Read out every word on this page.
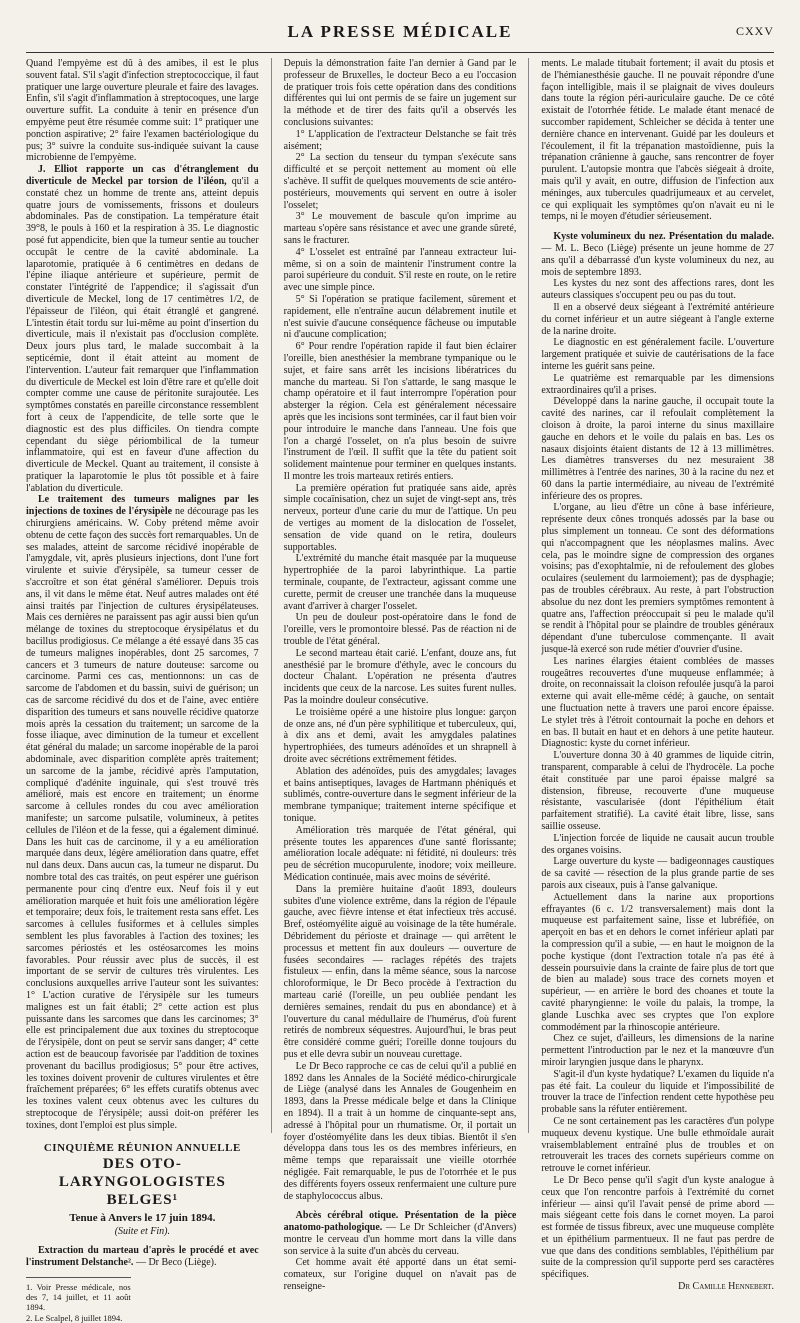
LA PRESSE MÉDICALE	CXXV

Quand l'empyème est dû à des amibes, il est le plus souvent fatal. S'il s'agit d'infection streptococcique, il faut pratiquer une large ouverture pleurale et faire des lavages. Enfin, s'il s'agit d'inflammation à streptocoques, une large ouverture suffit. La conduite à tenir en présence d'un empyème peut être résumée comme suit: 1° pratiquer une ponction aspirative; 2° faire l'examen bactériologique du pus; 3° suivre la conduite sus-indiquée suivant la cause microbienne de l'empyème.

J. Elliot rapporte un cas d'étranglement du diverticule de Meckel par torsion de l'iléon, qu'il a constaté chez un homme de trente ans, atteint depuis quatre jours de vomissements, frissons et douleurs abdominales. Pas de constipation. La température était 39°8, le pouls à 160 et la respiration à 35. Le diagnostic posé fut appendicite, bien que la tumeur sentie au toucher occupât le centre de la cavité abdominale. La laparotomie, pratiquée à 6 centimètres en dedans de l'épine iliaque antérieure et supérieure, permit de constater l'intégrité de l'appendice; il s'agissait d'un diverticule de Meckel, long de 17 centimètres 1/2, de l'épaisseur de l'iléon, qui était étranglé et gangrené. L'intestin était tordu sur lui-même au point d'insertion du diverticule, mais il n'existait pas d'occlusion complète. Deux jours plus tard, le malade succombait à la septicémie, dont il était atteint au moment de l'intervention. L'auteur fait remarquer que l'inflammation du diverticule de Meckel est loin d'être rare et qu'elle doit compter comme une cause de péritonite surajoutée. Les symptômes constatés en pareille circonstance ressemblent fort à ceux de l'appendicite, de telle sorte que le diagnostic est des plus difficiles. On tiendra compte cependant du siège périombilical de la tumeur inflammatoire, qui est en faveur d'une affection du diverticule de Meckel. Quant au traitement, il consiste à pratiquer la laparotomie le plus tôt possible et à faire l'ablation du diverticule.

Le traitement des tumeurs malignes par les injections de toxines de l'érysipèle ne décourage pas les chirurgiens américains. W. Coby prétend même avoir obtenu de cette façon des succès fort remarquables. Un de ses malades, atteint de sarcome récidivé inopérable de l'amygdale, vit, après plusieurs injections, dont l'une fort virulente et suivie d'érysipèle, sa tumeur cesser de s'accroître et son état général s'améliorer. Depuis trois ans, il vit dans le même état. Neuf autres malades ont été ainsi traités par l'injection de cultures érysipélateuses. Mais ces dernières ne paraissent pas agir aussi bien qu'un mélange de toxines du streptocoque érysipélatus et du bacillus prodigiosus. Ce mélange a été essayé dans 35 cas de tumeurs malignes inopérables, dont 25 sarcomes, 7 cancers et 3 tumeurs de nature douteuse: sarcome ou carcinome. Parmi ces cas, mentionnons: un cas de sarcome de l'abdomen et du bassin, suivi de guérison; un cas de sarcome récidivé du dos et de l'aine, avec entière disparition des tumeurs et sans nouvelle récidive quatorze mois après la cessation du traitement; un sarcome de la fosse iliaque, avec diminution de la tumeur et excellent état général du malade; un sarcome inopérable de la paroi abdominale, avec disparition complète après traitement; un sarcome de la jambe, récidivé après l'amputation, compliqué d'adénite inguinale, qui s'est trouvé très amélioré, mais est encore en traitement; un énorme sarcome à cellules rondes du cou avec amélioration manifeste; un sarcome pulsatile, volumineux, à petites cellules de l'iléon et de la fesse, qui a également diminué. Dans les huit cas de carcinome, il y a eu amélioration marquée dans deux, légère amélioration dans quatre, effet nul dans deux. Dans aucun cas, la tumeur ne disparut. Du nombre total des cas traités, on peut espérer une guérison permanente pour cinq d'entre eux. Neuf fois il y eut amélioration marquée et huit fois une amélioration légère et temporaire; deux fois, le traitement resta sans effet. Les sarcomes à cellules fusiformes et à cellules simples semblent les plus favorables à l'action des toxines; les sarcomes périostés et les ostéosarcomes les moins favorables. Pour réussir avec plus de succès, il est important de se servir de cultures très virulentes. Les conclusions auxquelles arrive l'auteur sont les suivantes: 1° L'action curative de l'érysipèle sur les tumeurs malignes est un fait établi; 2° cette action est plus puissante dans les sarcomes que dans les carcinomes; 3° elle est principalement due aux toxines du streptocoque de l'érysipèle, dont on peut se servir sans danger; 4° cette action est de beaucoup favorisée par l'addition de toxines provenant du bacillus prodigiosus; 5° pour être actives, les toxines doivent provenir de cultures virulentes et être fraîchement préparées; 6° les effets curatifs obtenus avec les toxines valent ceux obtenus avec les cultures du streptocoque de l'érysipèle; aussi doit-on préférer les toxines, dont l'emploi est plus simple.

CINQUIÈME RÉUNION ANNUELLE
DES OTO-LARYNGOLOGISTES BELGES¹
Tenue à Anvers le 17 juin 1894.
(Suite et Fin).

Extraction du marteau d'après le procédé et avec l'instrument Delstanche². — Dr Beco (Liège).

1. Voir Presse médicale, nos des 7, 14 juillet, et 11 août 1894.
2. Le Scalpel, 8 juillet 1894.

Depuis la démonstration faite l'an dernier à Gand par le professeur de Bruxelles, le docteur Beco a eu l'occasion de pratiquer trois fois cette opération dans des conditions différentes qui lui ont permis de se faire un jugement sur la méthode et de tirer des faits qu'il a observés les conclusions suivantes:

1° L'application de l'extracteur Delstanche se fait très aisément;

2° La section du tenseur du tympan s'exécute sans difficulté et se perçoit nettement au moment où elle s'achève. Il suffit de quelques mouvements de scie antéro-postérieurs, mouvements qui servent en outre à isoler l'osselet;

3° Le mouvement de bascule qu'on imprime au marteau s'opère sans résistance et avec une grande sûreté, sans le fracturer.

4° L'osselet est entraîné par l'anneau extracteur lui-même, si on a soin de maintenir l'instrument contre la paroi supérieure du conduit. S'il reste en route, on le retire avec une simple pince.

5° Si l'opération se pratique facilement, sûrement et rapidement, elle n'entraîne aucun délabrement inutile et n'est suivie d'aucune conséquence fâcheuse ou imputable ni d'aucune complication;

6° Pour rendre l'opération rapide il faut bien éclairer l'oreille, bien anesthésier la membrane tympanique ou le sujet, et faire sans arrêt les incisions libératrices du manche du marteau. Si l'on s'attarde, le sang masque le champ opératoire et il faut interrompre l'opération pour absterger la région. Cela est généralement nécessaire après que les incisions sont terminées, car il faut bien voir pour introduire le manche dans l'anneau. Une fois que l'on a chargé l'osselet, on n'a plus besoin de suivre l'instrument de l'œil. Il suffit que la tête du patient soit solidement maintenue pour terminer en quelques instants. Il montre les trois marteaux retirés entiers.

La première opération fut pratiquée sans aide, après simple cocaïnisation, chez un sujet de vingt-sept ans, très nerveux, porteur d'une carie du mur de l'attique. Un peu de vertiges au moment de la dislocation de l'osselet, sensation de vide quand on le retira, douleurs supportables.

L'extrémité du manche était masquée par la muqueuse hypertrophiée de la paroi labyrinthique. La partie terminale, coupante, de l'extracteur, agissant comme une curette, permit de creuser une tranchée dans la muqueuse avant d'arriver à charger l'osselet.

Un peu de douleur post-opératoire dans le fond de l'oreille, vers le promontoire blessé. Pas de réaction ni de trouble de l'état général.

Le second marteau était carié. L'enfant, douze ans, fut anesthésié par le bromure d'éthyle, avec le concours du docteur Chalant. L'opération ne présenta d'autres incidents que ceux de la narcose. Les suites furent nulles. Pas la moindre douleur consécutive.

Le troisième opéré a une histoire plus longue: garçon de onze ans, né d'un père syphilitique et tuberculeux, qui, à dix ans et demi, avait les amygdales palatines hypertrophiées, des tumeurs adénoïdes et un shrapnell à droite avec sécrétions extrêmement fétides.

Ablation des adénoïdes, puis des amygdales; lavages et bains antiseptiques, lavages de Hartmann phéniqués et sublimés, contre-ouverture dans le segment inférieur de la membrane tympanique; traitement interne spécifique et tonique.

Amélioration très marquée de l'état général, qui présente toutes les apparences d'une santé florissante; amélioration locale adéquate: ni fétidité, ni douleurs: très peu de sécrétion mucopurulente, inodore; voix meilleure. Médication continuée, mais avec moins de sévérité.

Dans la première huitaine d'août 1893, douleurs subites d'une violence extrême, dans la région de l'épaule gauche, avec fièvre intense et état infectieux très accusé. Bref, ostéomyélite aiguë au voisinage de la tête humérale. Débridement du périoste et drainage — qui arrêtent le processus et mettent fin aux douleurs — ouverture de fusées secondaires — raclages répétés des trajets fistuleux — enfin, dans la même séance, sous la narcose chloroformique, le Dr Beco procède à l'extraction du marteau carié (l'oreille, un peu oubliée pendant les dernières semaines, rendait du pus en abondance) et à l'ouverture du canal médullaire de l'humérus, d'où furent retirés de nombreux séquestres. Aujourd'hui, le bras peut être considéré comme guéri; l'oreille donne toujours du pus et elle devra subir un nouveau curettage.

Le Dr Beco rapproche ce cas de celui qu'il a publié en 1892 dans les Annales de la Société médico-chirurgicale de Liège (analysé dans les Annales de Gougenheim en 1893, dans la Presse médicale belge et dans la Clinique en 1894). Il a trait à un homme de cinquante-sept ans, adressé à l'hôpital pour un rhumatisme. Or, il portait un foyer d'ostéomyélite dans les deux tibias. Bientôt il s'en développa dans tous les os des membres inférieurs, en même temps que reparaissait une vieille otorrhée négligée. Fait remarquable, le pus de l'otorrhée et le pus des différents foyers osseux renfermaient une culture pure de staphylococcus albus.

Abcès cérébral otique. Présentation de la pièce anatomo-pathologique. — Le Dr Schleicher (d'Anvers) montre le cerveau d'un homme mort dans la ville dans son service à la suite d'un abcès du cerveau.

Cet homme avait été apporté dans un état semi-comateux, sur l'origine duquel on n'avait pas de renseigne-

ments. Le malade titubait fortement; il avait du ptosis et de l'hémianesthésie gauche. Il ne pouvait répondre d'une façon intelligible, mais il se plaignait de vives douleurs dans toute la région péri-auriculaire gauche. De ce côté existait de l'otorrhée fétide. Le malade étant menacé de succomber rapidement, Schleicher se décida à tenter une dernière chance en intervenant. Guidé par les douleurs et l'écoulement, il fit la trépanation mastoïdienne, puis la trépanation crânienne à gauche, sans rencontrer de foyer purulent. L'autopsie montra que l'abcès siégeait à droite, mais qu'il y avait, en outre, diffusion de l'infection aux méninges, aux tubercules quadrijumeaux et au cervelet, ce qui expliquait les symptômes qu'on n'avait eu ni le temps, ni le moyen d'étudier sérieusement.

Kyste volumineux du nez. Présentation du malade. — M. L. Beco (Liège) présente un jeune homme de 27 ans qu'il a débarrassé d'un kyste volumineux du nez, au mois de septembre 1893.

Les kystes du nez sont des affections rares, dont les auteurs classiques s'occupent peu ou pas du tout.

Il en a observé deux siégeant à l'extrémité antérieure du cornet inférieur et un autre siégeant à l'angle externe de la narine droite.

Le diagnostic en est généralement facile. L'ouverture largement pratiquée et suivie de cautérisations de la face interne les guérit sans peine.

Le quatrième est remarquable par les dimensions extraordinaires qu'il a prises.

Développé dans la narine gauche, il occupait toute la cavité des narines, car il refoulait complètement la cloison à droite, la paroi interne du sinus maxillaire gauche en dehors et le voile du palais en bas. Les os nasaux disjoints étaient distants de 12 à 13 millimètres. Les diamètres transverses du nez mesuraient 38 millimètres à l'entrée des narines, 30 à la racine du nez et 60 dans la partie intermédiaire, au niveau de l'extrémité inférieure des os propres.

L'organe, au lieu d'être un cône à base inférieure, représente deux cônes tronqués adossés par la base ou plus simplement un tonneau. Ce sont des déformations qui n'accompagnent que les néoplasmes malins. Avec cela, pas le moindre signe de compression des organes voisins; pas d'exophtalmie, ni de refoulement des globes oculaires (seulement du larmoiement); pas de dysphagie; pas de troubles cérébraux. Au reste, à part l'obstruction absolue du nez dont les premiers symptômes remontent à quatre ans, l'affection préoccupait si peu le malade qu'il se rendit à l'hôpital pour se plaindre de troubles généraux dépendant d'une tuberculose commençante. Il avait jusque-là exercé son rude métier d'ouvrier d'usine.

Les narines élargies étaient comblées de masses rougeâtres recouvertes d'une muqueuse enflammée; à droite, on reconnaissait la cloison refoulée jusqu'à la paroi externe qui avait elle-même cédé; à gauche, on sentait une fluctuation nette à travers une paroi encore épaisse. Le stylet très à l'étroit contournait la poche en dehors et en bas. Il butait en haut et en dehors à une petite hauteur. Diagnostic: kyste du cornet inférieur.

L'ouverture donna 30 à 40 grammes de liquide citrin, transparent, comparable à celui de l'hydrocèle. La poche était constituée par une paroi épaisse malgré sa distension, fibreuse, recouverte d'une muqueuse résistante, vascularisée (dont l'épithélium était parfaitement stratifié). La cavité était libre, lisse, sans saillie osseuse.

L'injection forcée de liquide ne causait aucun trouble des organes voisins.

Large ouverture du kyste — badigeonnages caustiques de sa cavité — résection de la plus grande partie de ses parois aux ciseaux, puis à l'anse galvanique.

Actuellement dans la narine aux proportions effrayantes (6 c. 1/2 transversalement) mais dont la muqueuse est parfaitement saine, lisse et lubréfiée, on aperçoit en bas et en dehors le cornet inférieur aplati par la compression qu'il a subie, — en haut le moignon de la poche kystique (dont l'extraction totale n'a pas été à dessein poursuivie dans la crainte de faire plus de tort que de bien au malade) sous trace des cornets moyen et supérieur, — en arrière le bord des choanes et toute la cavité pharyngienne: le voile du palais, la trompe, la glande Luschka avec ses cryptes que l'on explore commodément par la rhinoscopie antérieure.

Chez ce sujet, d'ailleurs, les dimensions de la narine permettent l'introduction par le nez et la manœuvre d'un miroir laryngien jusque dans le pharynx.

S'agit-il d'un kyste hydatique? L'examen du liquide n'a pas été fait. La couleur du liquide et l'impossibilité de trouver la trace de l'infection rendent cette hypothèse peu probable sans la réfuter entièrement.

Ce ne sont certainement pas les caractères d'un polype muqueux devenu kystique. Une bulle ethmoïdale aurait vraisemblablement entraîné plus de troubles et on retrouverait les traces des cornets supérieurs comme on retrouve le cornet inférieur.

Le Dr Beco pense qu'il s'agit d'un kyste analogue à ceux que l'on rencontre parfois à l'extrémité du cornet inférieur — ainsi qu'il l'avait pensé de prime abord — mais siégeant cette fois dans le cornet moyen. La paroi est formée de tissus fibreux, avec une muqueuse complète et un épithélium parmentueux. Il ne faut pas perdre de vue que dans des conditions semblables, l'épithélium par suite de la compression qu'il supporte perd ses caractères spécifiques.

Dr Camille Hennebert.
